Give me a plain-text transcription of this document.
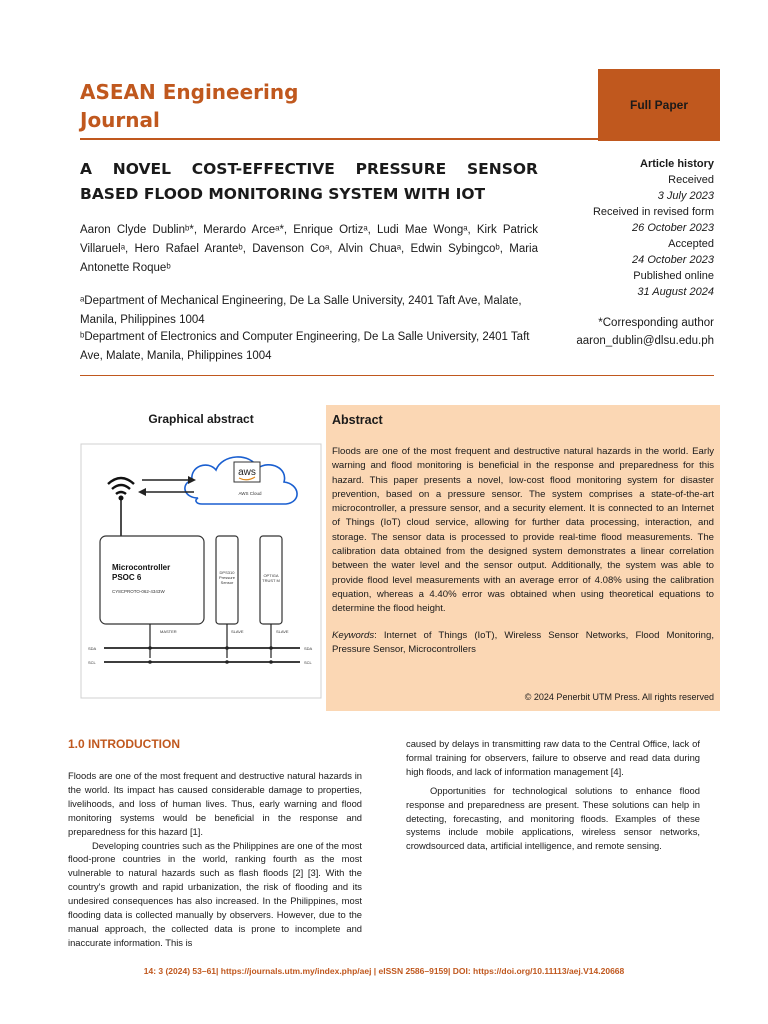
ASEAN Engineering
Journal
Full Paper
A NOVEL COST-EFFECTIVE PRESSURE SENSOR BASED FLOOD MONITORING SYSTEM WITH IOT
Aaron Clyde Dublinᵇ*, Merardo Arceᵃ*, Enrique Ortizᵃ, Ludi Mae Wongᵃ, Kirk Patrick Villaruelᵃ, Hero Rafael Aranteᵇ, Davenson Coᵃ, Alvin Chuaᵃ, Edwin Sybingcoᵇ, Maria Antonette Roqueᵇ
ᵃDepartment of Mechanical Engineering, De La Salle University, 2401 Taft Ave, Malate, Manila, Philippines 1004
ᵇDepartment of Electronics and Computer Engineering, De La Salle University, 2401 Taft Ave, Malate, Manila, Philippines 1004
Article history
Received
3 July 2023
Received in revised form
26 October 2023
Accepted
24 October 2023
Published online
31 August 2024
*Corresponding author
aaron_dublin@dlsu.edu.ph
Graphical abstract
aws
AWS Cloud
Microcontroller
PSOC 6
CY8CPROTO-062-4343W
DPS310
Pressure
Sensor
OPTIGA
TRUST M
MASTER	SLAVE	SLAVE
SDA
SCL
SDA
SCL
Abstract
Floods are one of the most frequent and destructive natural hazards in the world. Early warning and flood monitoring is beneficial in the response and preparedness for this hazard. This paper presents a novel, low-cost flood monitoring system for disaster prevention, based on a pressure sensor. The system comprises a state-of-the-art microcontroller, a pressure sensor, and a security element. It is connected to an Internet of Things (IoT) cloud service, allowing for further data processing, interaction, and storage. The sensor data is processed to provide real-time flood measurements. The calibration data obtained from the designed system demonstrates a linear correlation between the water level and the sensor output. Additionally, the system was able to provide flood level measurements with an average error of 4.08% using the calibration equation, whereas a 4.40% error was obtained when using theoretical equations to determine the flood height.
Keywords: Internet of Things (IoT), Wireless Sensor Networks, Flood Monitoring, Pressure Sensor, Microcontrollers
© 2024 Penerbit UTM Press. All rights reserved
1.0 INTRODUCTION

Floods are one of the most frequent and destructive natural hazards in the world. Its impact has caused considerable damage to properties, livelihoods, and loss of human lives. Thus, early warning and flood monitoring systems would be beneficial in the response and preparedness for this hazard [1].

Developing countries such as the Philippines are one of the most flood-prone countries in the world, ranking fourth as the most vulnerable to natural hazards such as flash floods [2] [3]. With the country's growth and rapid urbanization, the risk of flooding and its undesired consequences has also increased. In the Philippines, most flooding data is collected manually by observers. However, due to the manual approach, the collected data is prone to incomplete and inaccurate information. This is

caused by delays in transmitting raw data to the Central Office, lack of formal training for observers, failure to observe and read data during high floods, and lack of information management [4].

Opportunities for technological solutions to enhance flood response and preparedness are present. These solutions can help in detecting, forecasting, and monitoring floods. Examples of these systems include mobile applications, wireless sensor networks, crowdsourced data, artificial intelligence, and remote sensing.

14: 3 (2024) 53–61| https://journals.utm.my/index.php/aej | eISSN 2586–9159| DOI: https://doi.org/10.11113/aej.V14.20668
